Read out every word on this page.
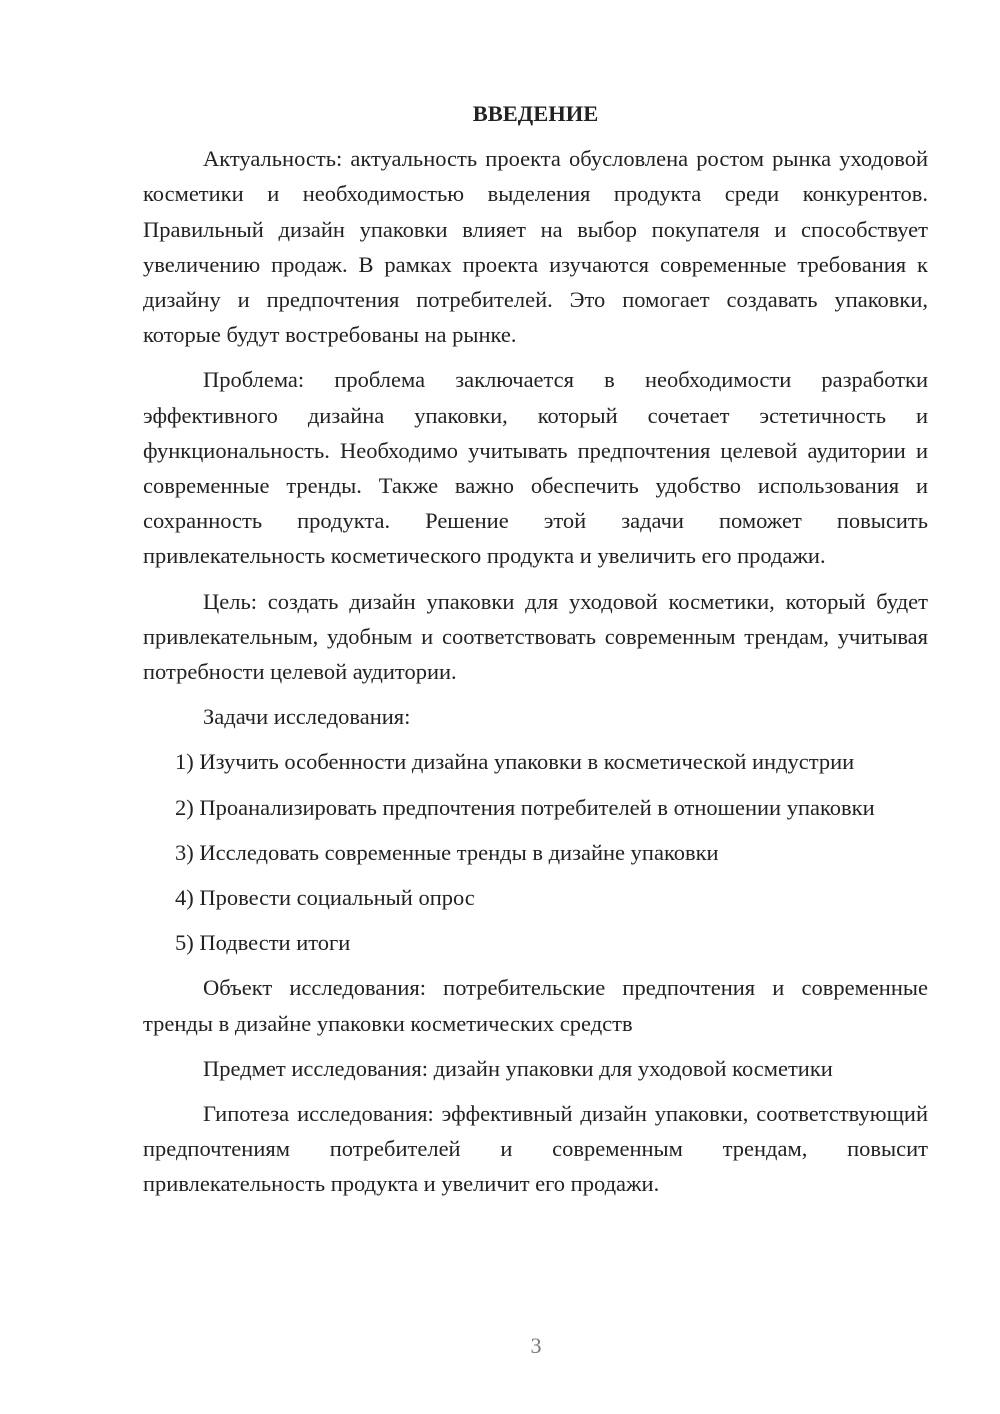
ВВЕДЕНИЕ

Актуальность: актуальность проекта обусловлена ростом рынка уходовой косметики и необходимостью выделения продукта среди конкурентов. Правильный дизайн упаковки влияет на выбор покупателя и способствует увеличению продаж. В рамках проекта изучаются современные требования к дизайну и предпочтения потребителей. Это помогает создавать упаковки, которые будут востребованы на рынке.

Проблема: проблема заключается в необходимости разработки эффективного дизайна упаковки, который сочетает эстетичность и функциональность. Необходимо учитывать предпочтения целевой аудитории и современные тренды. Также важно обеспечить удобство использования и сохранность продукта. Решение этой задачи поможет повысить привлекательность косметического продукта и увеличить его продажи.

Цель: создать дизайн упаковки для уходовой косметики, который будет привлекательным, удобным и соответствовать современным трендам, учитывая потребности целевой аудитории.

Задачи исследования:

1) Изучить особенности дизайна упаковки в косметической индустрии

2) Проанализировать предпочтения потребителей в отношении упаковки

3) Исследовать современные тренды в дизайне упаковки

4) Провести социальный опрос

5) Подвести итоги

Объект исследования: потребительские предпочтения и современные тренды в дизайне упаковки косметических средств

Предмет исследования: дизайн упаковки для уходовой косметики

Гипотеза исследования: эффективный дизайн упаковки, соответствующий предпочтениям потребителей и современным трендам, повысит привлекательность продукта и увеличит его продажи.

3
